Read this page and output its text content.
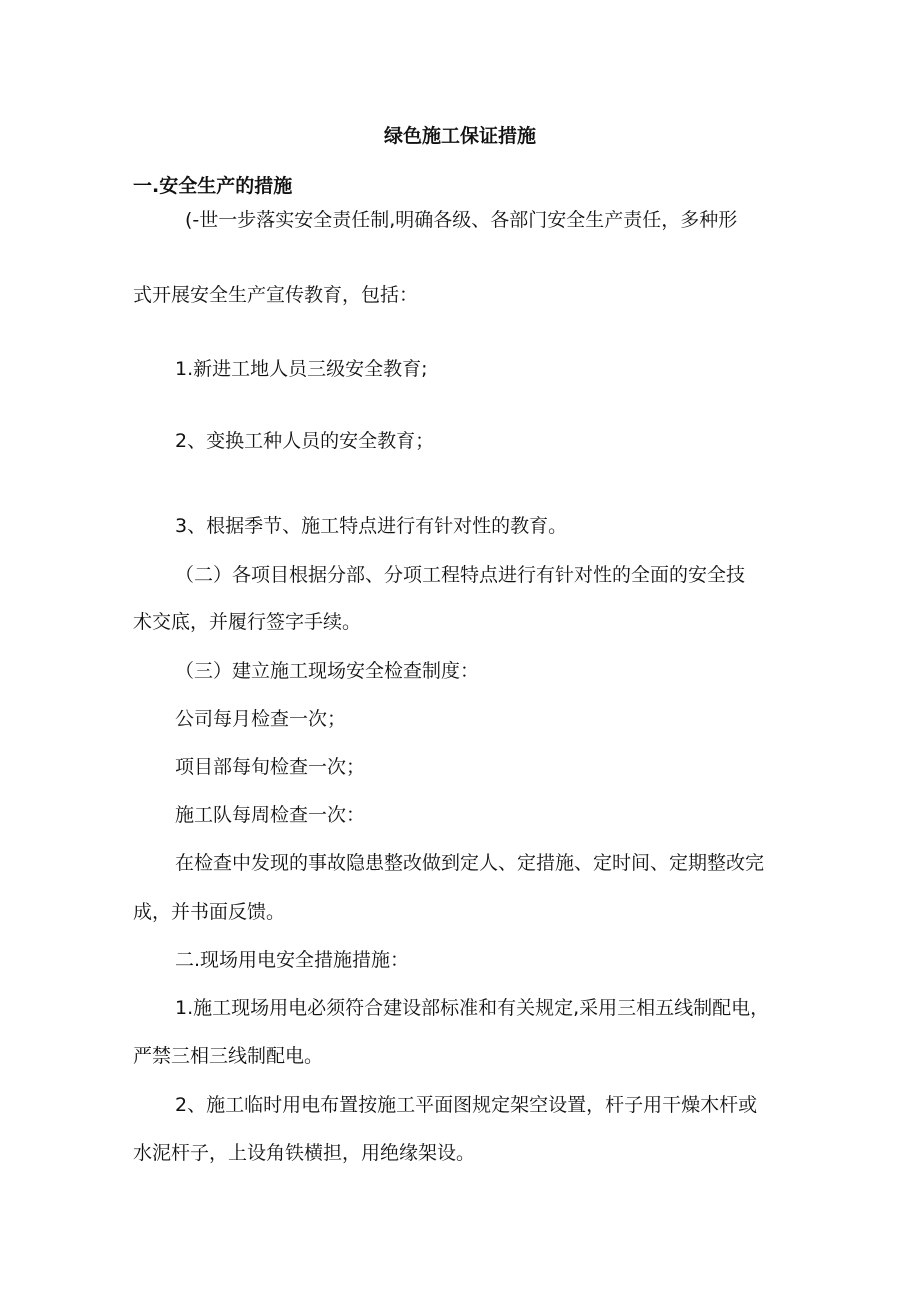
绿色施工保证措施

一.安全生产的措施

(-世一步落实安全责任制,明确各级、各部门安全生产责任，多种形

式开展安全生产宣传教育，包括：

1.新进工地人员三级安全教育;

2、变换工种人员的安全教育；

3、根据季节、施工特点进行有针对性的教育。

（二）各项目根据分部、分项工程特点进行有针对性的全面的安全技

术交底，并履行签字手续。

（三）建立施工现场安全检查制度：

公司每月检查一次；

项目部每旬检查一次；

施工队每周检查一次：

在检查中发现的事故隐患整改做到定人、定措施、定时间、定期整改完

成，并书面反馈。

二.现场用电安全措施措施：

1.施工现场用电必须符合建设部标准和有关规定,采用三相五线制配电，

严禁三相三线制配电。

2、施工临时用电布置按施工平面图规定架空设置，杆子用干燥木杆或

水泥杆子，上设角铁横担，用绝缘架设。
